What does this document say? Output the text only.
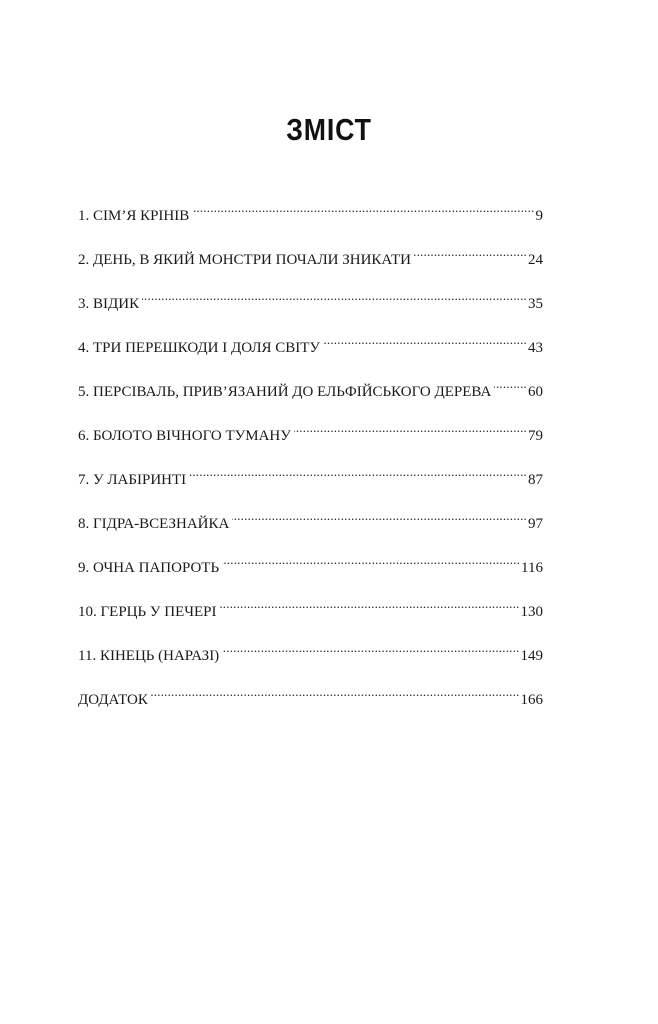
ЗМІСТ
1. СІМ’Я КРІНІВ .....	9
2. ДЕНЬ, В ЯКИЙ МОНСТРИ ПОЧАЛИ ЗНИКАТИ .....	24
3. ВІДИК .....	35
4. ТРИ ПЕРЕШКОДИ І ДОЛЯ СВІТУ .....	43
5. ПЕРСІВАЛЬ, ПРИВ’ЯЗАНИЙ ДО ЕЛЬФІЙСЬКОГО ДЕРЕВА ..... 60
6. БОЛОТО ВІЧНОГО ТУМАНУ .....	79
7. У ЛАБІРИНТІ .....	87
8. ГІДРА-ВСЕЗНАЙКА .....	97
9. ОЧНА ПАПОРОТЬ .....	116
10. ГЕРЦЬ У ПЕЧЕРІ .....	130
11. КІНЕЦЬ (НАРАЗІ) .....	149
ДОДАТОК .....	166
